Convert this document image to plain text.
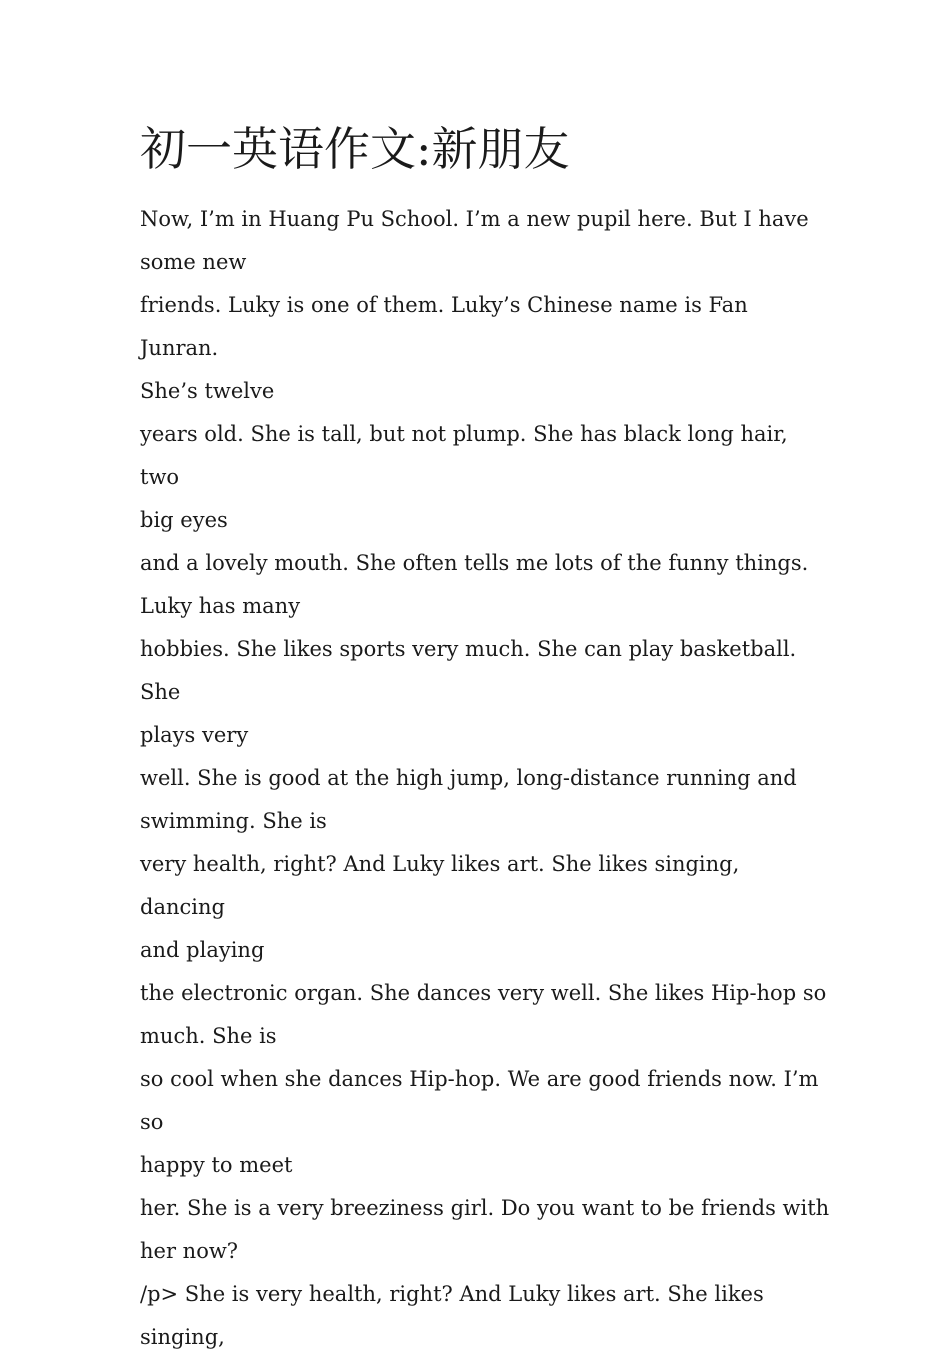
初一英语作文:新朋友

Now, I’m in Huang Pu School. I’m a new pupil here. But I have

some new

friends. Luky is one of them. Luky’s Chinese name is Fan Junran.

She’s twelve

years old. She is tall, but not plump. She has black long hair, two

big eyes

and a lovely mouth. She often tells me lots of the funny things.

Luky has many

hobbies. She likes sports very much. She can play basketball. She

plays very

well. She is good at the high jump, long-distance running and

swimming. She is

very health, right? And Luky likes art. She likes singing, dancing

and playing

the electronic organ. She dances very well. She likes Hip-hop so

much. She is

so cool when she dances Hip-hop. We are good friends now. I’m so

happy to meet

her. She is a very breeziness girl. Do you want to be friends with

her now?

/p> She is very health, right? And Luky likes art. She likes singing,
